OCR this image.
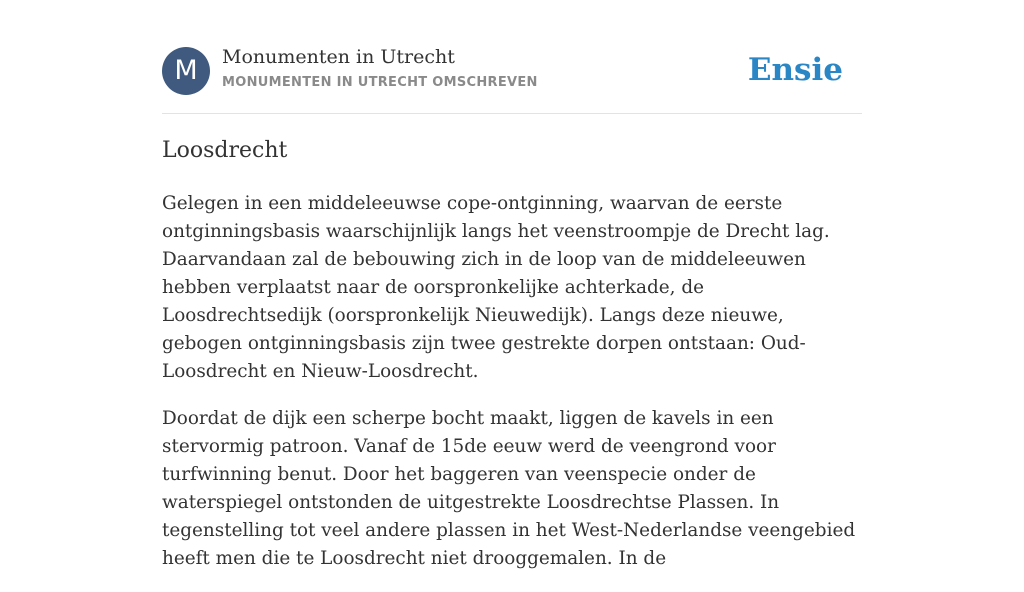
M	Monumenten in Utrecht
MONUMENTEN IN UTRECHT OMSCHREVEN	Ensie
Loosdrecht

Gelegen in een middeleeuwse cope-ontginning, waarvan de eerste ontginningsbasis waarschijnlijk langs het veenstroompje de Drecht lag. Daarvandaan zal de bebouwing zich in de loop van de middeleeuwen hebben verplaatst naar de oorspronkelijke achterkade, de Loosdrechtsedijk (oorspronkelijk Nieuwedijk). Langs deze nieuwe, gebogen ontginningsbasis zijn twee gestrekte dorpen ontstaan: Oud-Loosdrecht en Nieuw-Loosdrecht.

Doordat de dijk een scherpe bocht maakt, liggen de kavels in een stervormig patroon. Vanaf de 15de eeuw werd de veengrond voor turfwinning benut. Door het baggeren van veenspecie onder de waterspiegel ontstonden de uitgestrekte Loosdrechtse Plassen. In tegenstelling tot veel andere plassen in het West-Nederlandse veengebied heeft men die te Loosdrecht niet drooggemalen. In de
